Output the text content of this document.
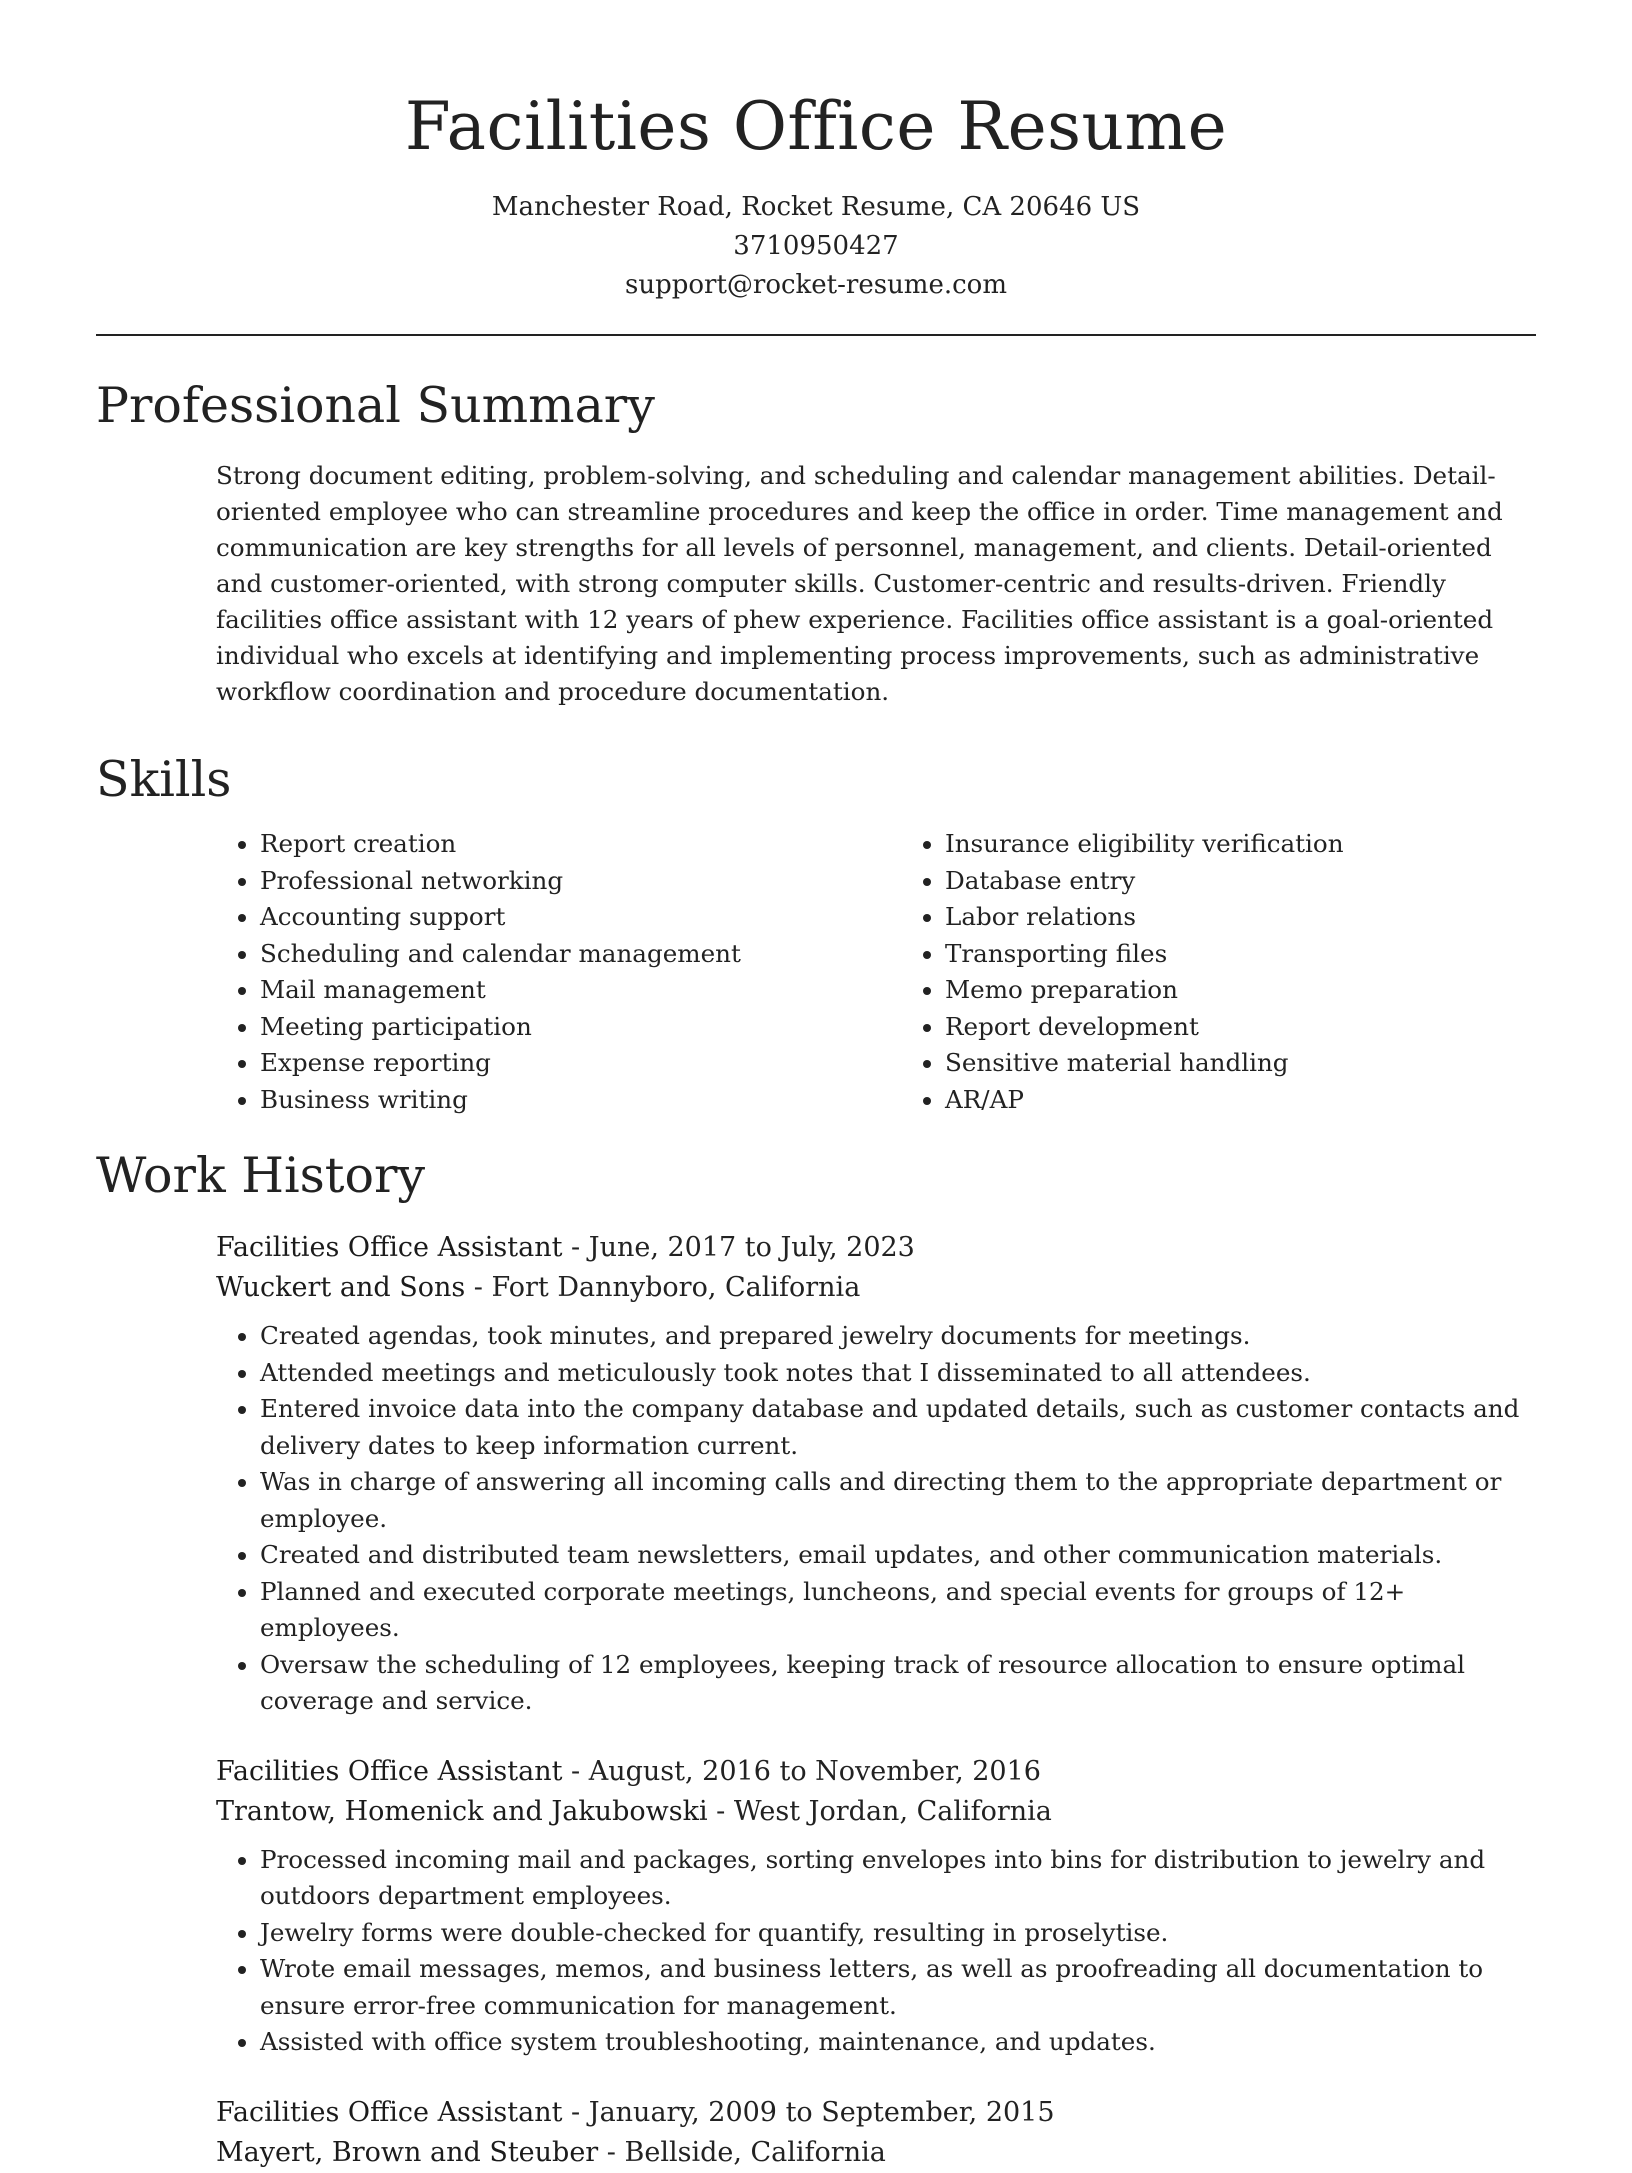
Facilities Office Resume
Manchester Road, Rocket Resume, CA 20646 US
3710950427
support@rocket-resume.com
Professional Summary

Strong document editing, problem-solving, and scheduling and calendar management abilities. Detail-oriented employee who can streamline procedures and keep the office in order. Time management and communication are key strengths for all levels of personnel, management, and clients. Detail-oriented and customer-oriented, with strong computer skills. Customer-centric and results-driven. Friendly facilities office assistant with 12 years of phew experience. Facilities office assistant is a goal-oriented individual who excels at identifying and implementing process improvements, such as administrative workflow coordination and procedure documentation.

Skills
• Report creation
• Professional networking
• Accounting support
• Scheduling and calendar management
• Mail management
• Meeting participation
• Expense reporting
• Business writing
• Insurance eligibility verification
• Database entry
• Labor relations
• Transporting files
• Memo preparation
• Report development
• Sensitive material handling
• AR/AP
Work History
Facilities Office Assistant - June, 2017 to July, 2023
Wuckert and Sons - Fort Dannyboro, California
• Created agendas, took minutes, and prepared jewelry documents for meetings.
• Attended meetings and meticulously took notes that I disseminated to all attendees.
• Entered invoice data into the company database and updated details, such as customer contacts and delivery dates to keep information current.
• Was in charge of answering all incoming calls and directing them to the appropriate department or employee.
• Created and distributed team newsletters, email updates, and other communication materials.
• Planned and executed corporate meetings, luncheons, and special events for groups of 12+ employees.
• Oversaw the scheduling of 12 employees, keeping track of resource allocation to ensure optimal coverage and service.
Facilities Office Assistant - August, 2016 to November, 2016
Trantow, Homenick and Jakubowski - West Jordan, California
• Processed incoming mail and packages, sorting envelopes into bins for distribution to jewelry and outdoors department employees.
• Jewelry forms were double-checked for quantify, resulting in proselytise.
• Wrote email messages, memos, and business letters, as well as proofreading all documentation to ensure error-free communication for management.
• Assisted with office system troubleshooting, maintenance, and updates.
Facilities Office Assistant - January, 2009 to September, 2015
Mayert, Brown and Steuber - Bellside, California
